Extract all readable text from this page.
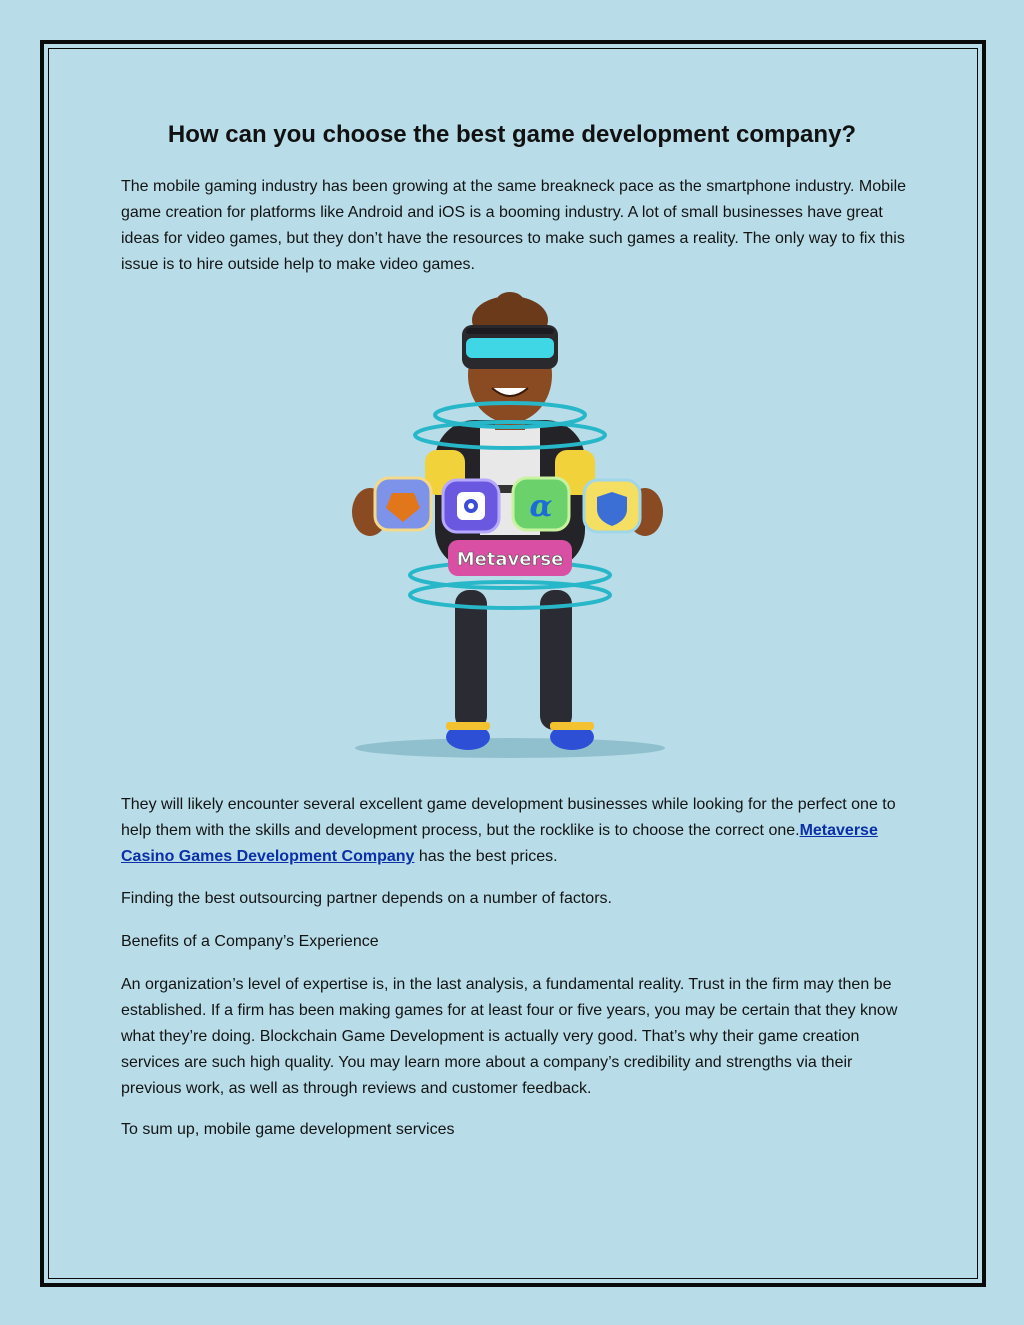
How can you choose the best game development company?

The mobile gaming industry has been growing at the same breakneck pace as the smartphone industry. Mobile game creation for platforms like Android and iOS is a booming industry. A lot of small businesses have great ideas for video games, but they don’t have the resources to make such games a reality. The only way to fix this issue is to hire outside help to make video games.

Metaverse
α

They will likely encounter several excellent game development businesses while looking for the perfect one to help them with the skills and development process, but the rocklike is to choose the correct one.Metaverse Casino Games Development Company has the best prices.

Finding the best outsourcing partner depends on a number of factors.

Benefits of a Company’s Experience

An organization’s level of expertise is, in the last analysis, a fundamental reality. Trust in the firm may then be established. If a firm has been making games for at least four or five years, you may be certain that they know what they’re doing. Blockchain Game Development is actually very good. That’s why their game creation services are such high quality. You may learn more about a company’s credibility and strengths via their previous work, as well as through reviews and customer feedback.

To sum up, mobile game development services
